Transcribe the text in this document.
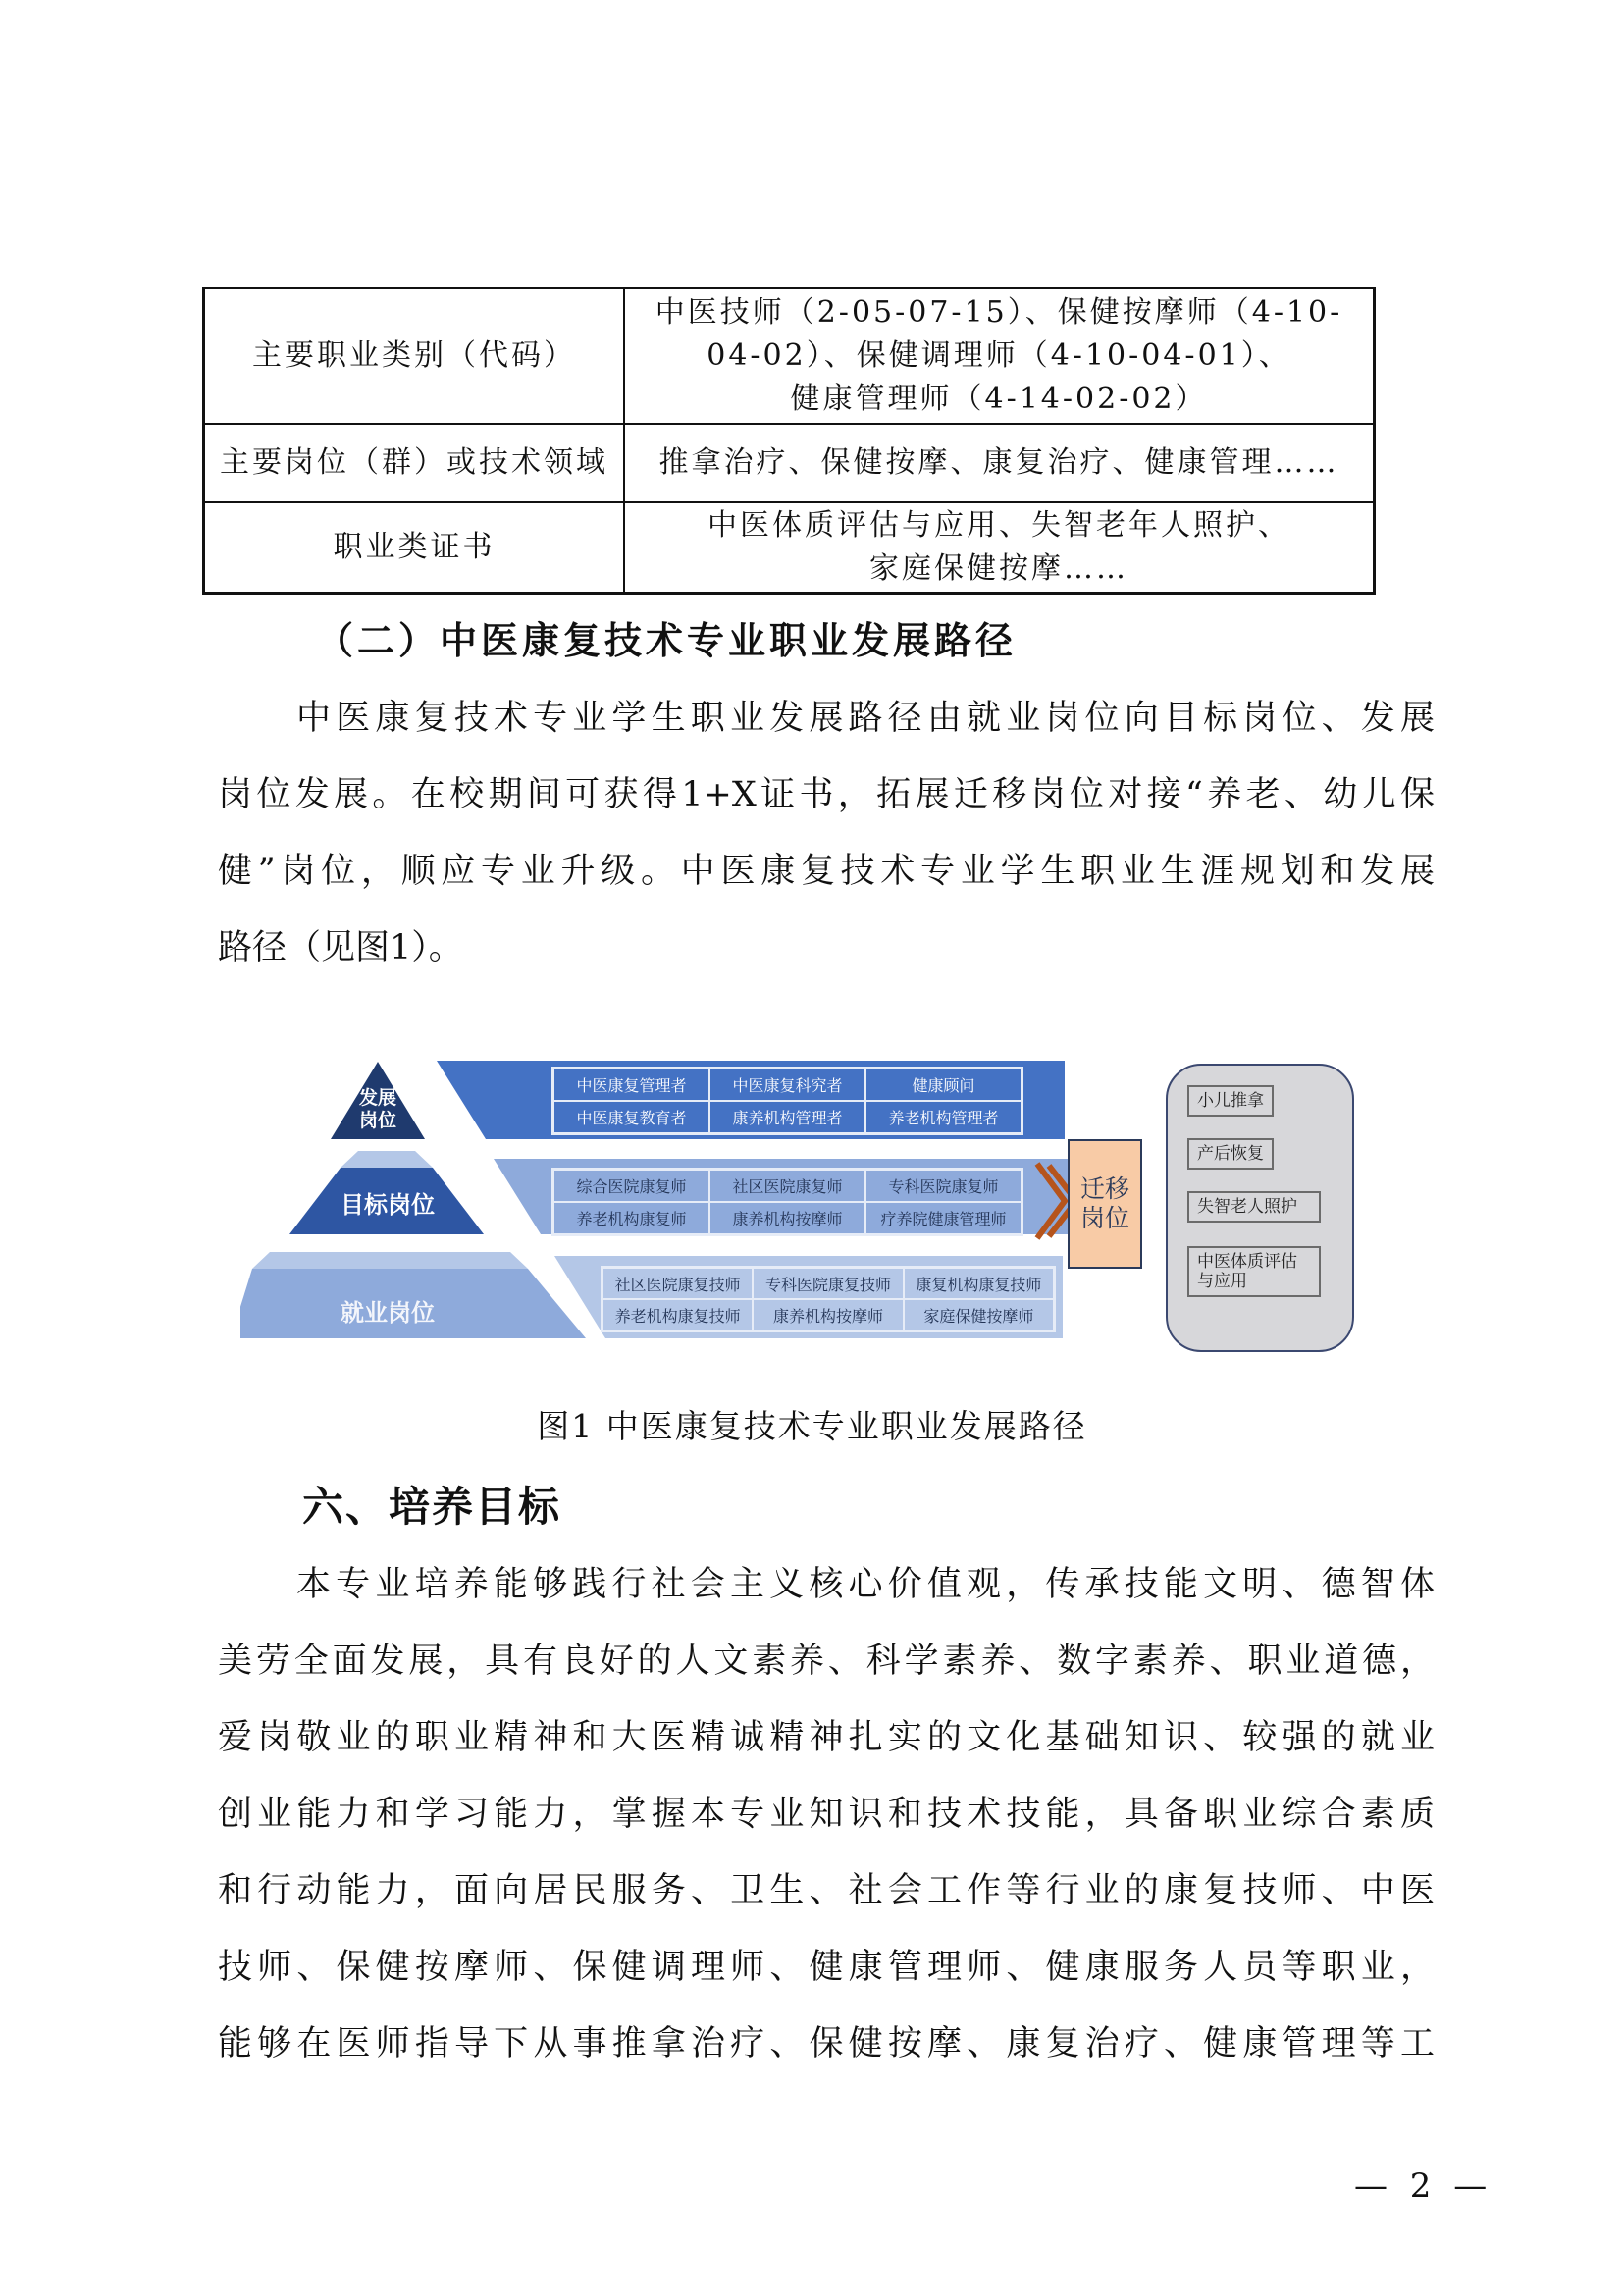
主要职业类别（代码）	中医技师（2-05-07-15）、保健按摩师（4-10-
04-02）、保健调理师（4-10-04-01）、
健康管理师（4-14-02-02）

主要岗位（群）或技术领域	推拿治疗、保健按摩、康复治疗、健康管理……

职业类证书	中医体质评估与应用、失智老年人照护、
家庭保健按摩……
（二）中医康复技术专业职业发展路径
中医康复技术专业学生职业发展路径由就业岗位向目标岗位、发展
岗位发展。在校期间可获得1+X证书，拓展迁移岗位对接“养老、幼儿保
健”岗位，顺应专业升级。中医康复技术专业学生职业生涯规划和发展
路径（见图1）。
发展
岗位
目标岗位
就业岗位
中医康复管理者	中医康复科究者	健康顾问
中医康复教育者	康养机构管理者	养老机构管理者
综合医院康复师	社区医院康复师	专科医院康复师
养老机构康复师	康养机构按摩师	疗养院健康管理师
社区医院康复技师	专科医院康复技师	康复机构康复技师
养老机构康复技师	康养机构按摩师	家庭保健按摩师
小儿推拿
产后恢复
失智老人照护
中医体质评估与应用
迁移
岗位
图1 中医康复技术专业职业发展路径
六、培养目标
本专业培养能够践行社会主义核心价值观，传承技能文明、德智体
美劳全面发展，具有良好的人文素养、科学素养、数字素养、职业道德，
爱岗敬业的职业精神和大医精诚精神扎实的文化基础知识、较强的就业
创业能力和学习能力，掌握本专业知识和技术技能，具备职业综合素质
和行动能力，面向居民服务、卫生、社会工作等行业的康复技师、中医
技师、保健按摩师、保健调理师、健康管理师、健康服务人员等职业，
能够在医师指导下从事推拿治疗、保健按摩、康复治疗、健康管理等工
— 2 —
